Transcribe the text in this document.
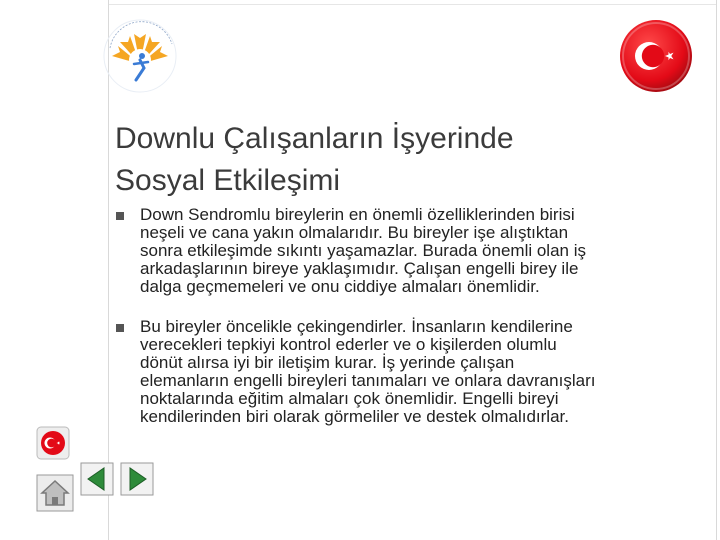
Downlu Çalışanların İşyerinde
Sosyal Etkileşimi
Down Sendromlu bireylerin en önemli özelliklerinden birisi
neşeli ve cana yakın olmalarıdır. Bu bireyler işe alıştıktan
sonra etkileşimde sıkıntı yaşamazlar. Burada önemli olan iş
arkadaşlarının bireye yaklaşımıdır. Çalışan engelli birey ile
dalga geçmemeleri ve onu ciddiye almaları önemlidir.
Bu bireyler öncelikle çekingendirler. İnsanların kendilerine
verecekleri tepkiyi kontrol ederler ve o kişilerden olumlu
dönüt alırsa iyi bir iletişim kurar. İş yerinde çalışan
elemanların engelli bireyleri tanımaları ve onlara davranışları
noktalarında eğitim almaları çok önemlidir. Engelli bireyi
kendilerinden biri olarak görmeliler ve destek olmalıdırlar.
